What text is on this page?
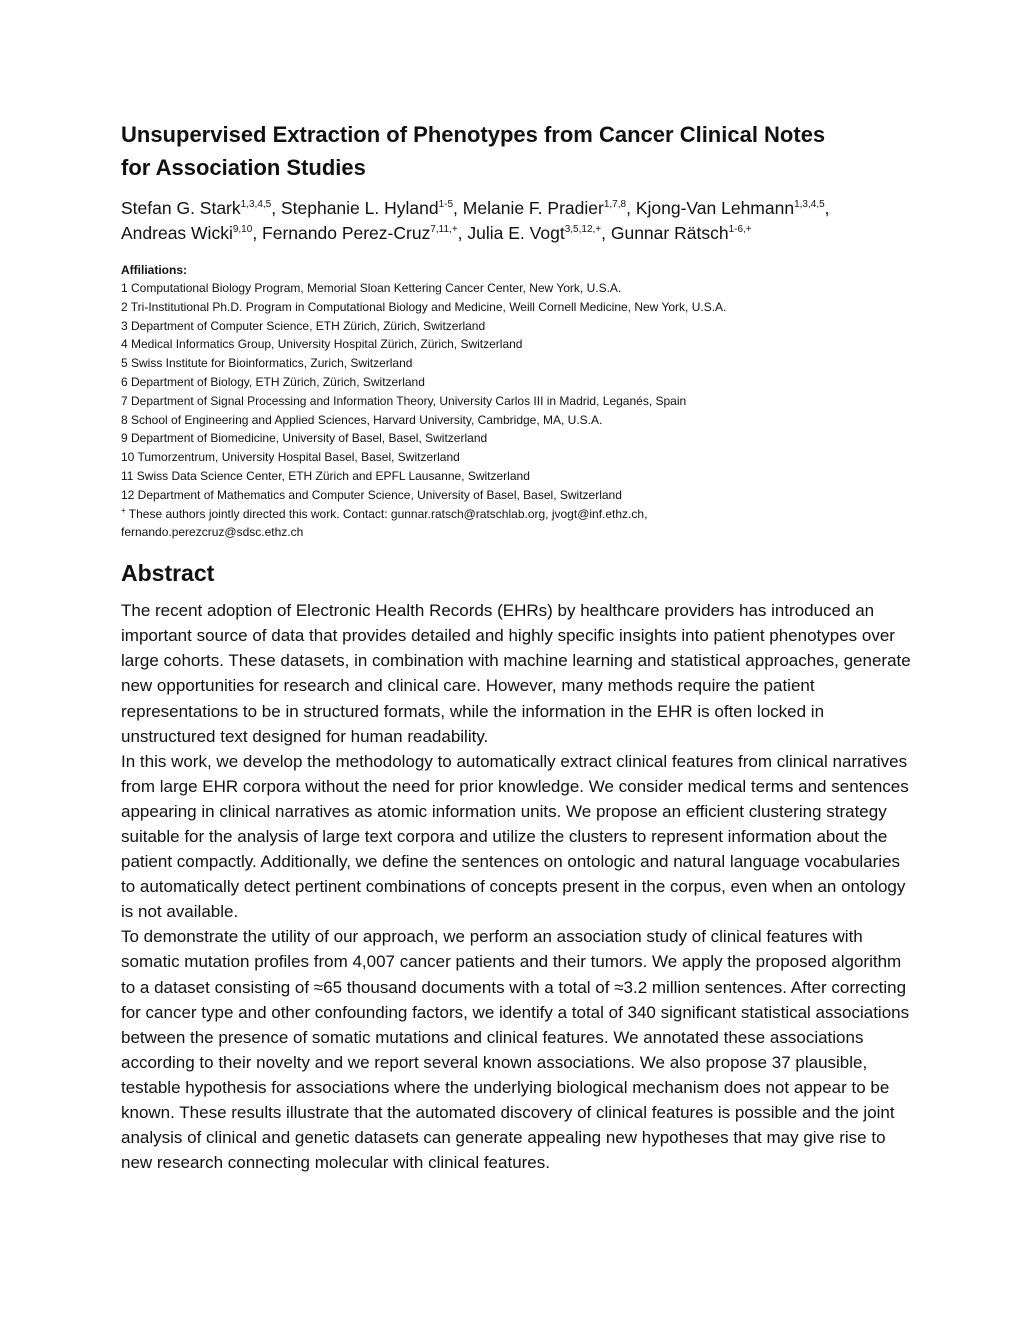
Unsupervised Extraction of Phenotypes from Cancer Clinical Notes
for Association Studies
Stefan G. Stark$^{1,3,4,5}$, Stephanie L. Hyland$^{1-5}$, Melanie F. Pradier$^{1,7,8}$, Kjong-Van Lehmann$^{1,3,4,5}$,
Andreas Wicki$^{9,10}$, Fernando Perez-Cruz$^{7,11,+}$, Julia E. Vogt$^{3,5,12,+}$, Gunnar Rätsch$^{1-6,+}$
Affiliations:
1 Computational Biology Program, Memorial Sloan Kettering Cancer Center, New York, U.S.A.
2 Tri-Institutional Ph.D. Program in Computational Biology and Medicine, Weill Cornell Medicine, New York, U.S.A.
3 Department of Computer Science, ETH Zürich, Zürich, Switzerland
4 Medical Informatics Group, University Hospital Zürich, Zürich, Switzerland
5 Swiss Institute for Bioinformatics, Zurich, Switzerland
6 Department of Biology, ETH Zürich, Zürich, Switzerland
7 Department of Signal Processing and Information Theory, University Carlos III in Madrid, Leganés, Spain
8 School of Engineering and Applied Sciences, Harvard University, Cambridge, MA, U.S.A.
9 Department of Biomedicine, University of Basel, Basel, Switzerland
10 Tumorzentrum, University Hospital Basel, Basel, Switzerland
11 Swiss Data Science Center, ETH Zürich and EPFL Lausanne, Switzerland
12 Department of Mathematics and Computer Science, University of Basel, Basel, Switzerland
+ These authors jointly directed this work. Contact: gunnar.ratsch@ratschlab.org, jvogt@inf.ethz.ch,
fernando.perezcruz@sdsc.ethz.ch
Abstract

The recent adoption of Electronic Health Records (EHRs) by healthcare providers has introduced an important source of data that provides detailed and highly specific insights into patient phenotypes over large cohorts. These datasets, in combination with machine learning and statistical approaches, generate new opportunities for research and clinical care. However, many methods require the patient representations to be in structured formats, while the information in the EHR is often locked in unstructured text designed for human readability.

In this work, we develop the methodology to automatically extract clinical features from clinical narratives from large EHR corpora without the need for prior knowledge. We consider medical terms and sentences appearing in clinical narratives as atomic information units. We propose an efficient clustering strategy suitable for the analysis of large text corpora and utilize the clusters to represent information about the patient compactly. Additionally, we define the sentences on ontologic and natural language vocabularies to automatically detect pertinent combinations of concepts present in the corpus, even when an ontology is not available.

To demonstrate the utility of our approach, we perform an association study of clinical features with somatic mutation profiles from 4,007 cancer patients and their tumors. We apply the proposed algorithm to a dataset consisting of ≈65 thousand documents with a total of ≈3.2 million sentences. After correcting for cancer type and other confounding factors, we identify a total of 340 significant statistical associations between the presence of somatic mutations and clinical features. We annotated these associations according to their novelty and we report several known associations. We also propose 37 plausible, testable hypothesis for associations where the underlying biological mechanism does not appear to be known. These results illustrate that the automated discovery of clinical features is possible and the joint analysis of clinical and genetic datasets can generate appealing new hypotheses that may give rise to new research connecting molecular with clinical features.
